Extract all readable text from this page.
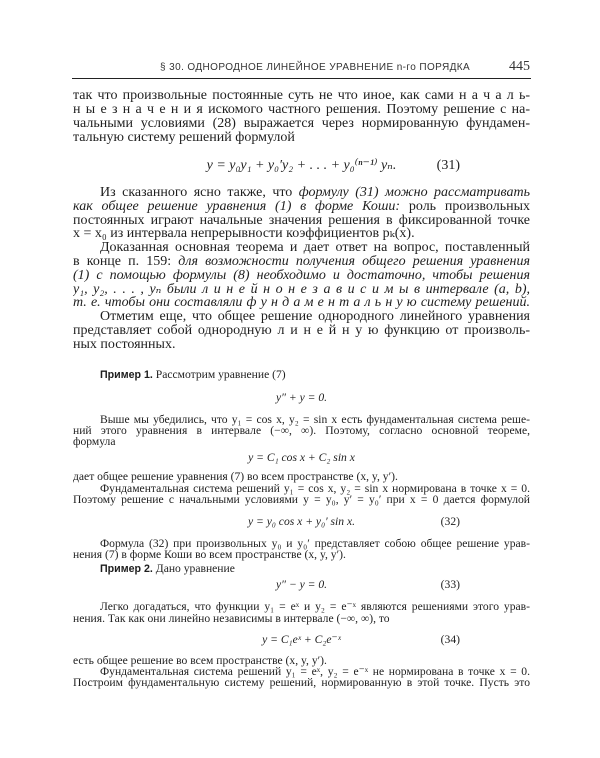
§ 30. ОДНОРОДНОЕ ЛИНЕЙНОЕ УРАВНЕНИЕ n-го ПОРЯДКА	445
так что произвольные постоянные суть не что иное, как сами н а ч а л ь-
н ы е з н а ч е н и я искомого частного решения. Поэтому решение с на-
чальными условиями (28) выражается через нормированную фундамен-
тальную систему решений формулой
Из сказанного ясно также, что формулу (31) можно рассматривать
как общее решение уравнения (1) в форме Коши: роль произвольных
постоянных играют начальные значения решения в фиксированной точке
x = x₀ из интервала непрерывности коэффициентов pₖ(x).
Доказанная основная теорема и дает ответ на вопрос, поставленный
в конце п. 159: для возможности получения общего решения уравнения
(1) с помощью формулы (8) необходимо и достаточно, чтобы решения
y₁, y₂, . . . , yₙ были л и н е й н о н е з а в и с и м ы в интервале (a, b),
т. е. чтобы они составляли ф у н д а м е н т а л ь н у ю систему решений.
Отметим еще, что общее решение однородного линейного уравнения
представляет собой однородную л и н е й н у ю функцию от произволь-
ных постоянных.
y = y₀y₁ + y₀′y₂ + . . . + y₀⁽ⁿ⁻¹⁾ yₙ.	(31)
Пример 1. Рассмотрим уравнение (7)
Выше мы убедились, что y₁ = cos x, y₂ = sin x есть фундаментальная система реше-
ний этого уравнения в интервале (−∞, ∞). Поэтому, согласно основной теореме,
формула
дает общее решение уравнения (7) во всем пространстве (x, y, y′).
Фундаментальная система решений y₁ = cos x, y₂ = sin x нормирована в точке x = 0.
Поэтому решение с начальными условиями y = y₀, y′ = y₀′ при x = 0 дается формулой
Формула (32) при произвольных y₀ и y₀′ представляет собою общее решение урав-
нения (7) в форме Коши во всем пространстве (x, y, y′).
Пример 2. Дано уравнение
Легко догадаться, что функции y₁ = eˣ и y₂ = e⁻ˣ являются решениями этого урав-
нения. Так как они линейно независимы в интервале (−∞, ∞), то
есть общее решение во всем пространстве (x, y, y′).
Фундаментальная система решений y₁ = eˣ, y₂ = e⁻ˣ не нормирована в точке x = 0.
Построим фундаментальную систему решений, нормированную в этой точке. Пусть это
y″ + y = 0.
y = C₁ cos x + C₂ sin x
y = y₀ cos x + y₀′ sin x.	(32)
y″ − y = 0.	(33)
y = C₁eˣ + C₂e⁻ˣ	(34)
